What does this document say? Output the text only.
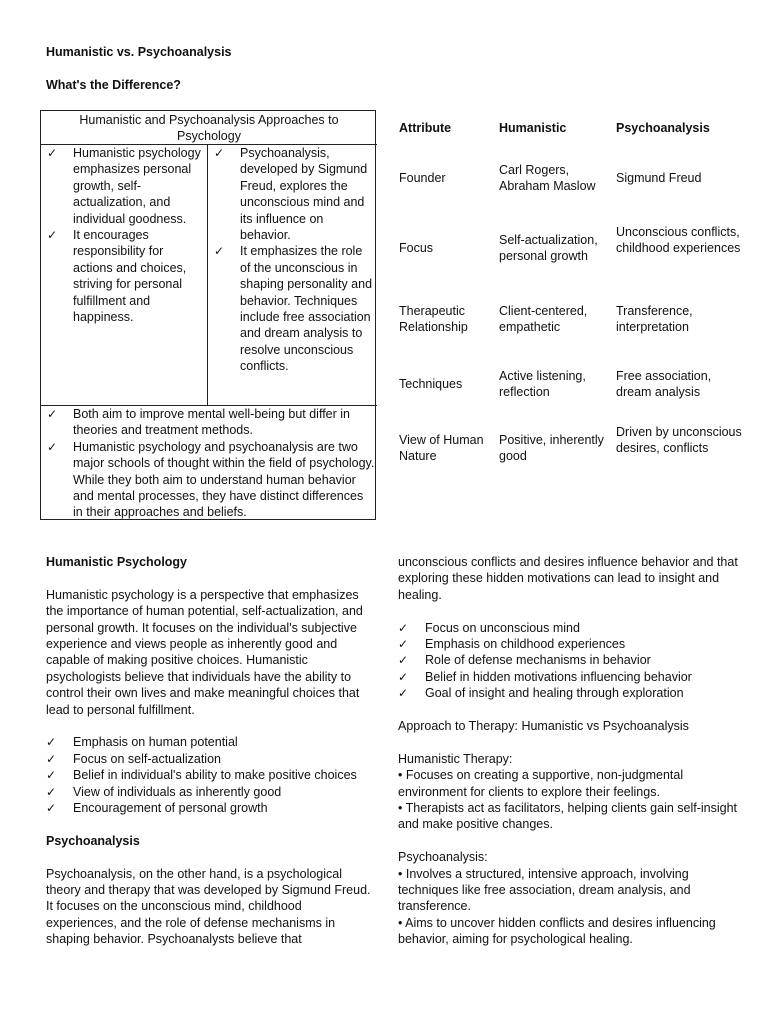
Humanistic vs. Psychoanalysis
What's the Difference?
Humanistic and Psychoanalysis Approaches to Psychology
✓ Humanistic psychology emphasizes personal growth, self-actualization, and individual goodness.

✓ It encourages responsibility for actions and choices, striving for personal fulfillment and happiness.

✓ Psychoanalysis, developed by Sigmund Freud, explores the unconscious mind and its influence on behavior.

✓ It emphasizes the role of the unconscious in shaping personality and behavior. Techniques include free association and dream analysis to resolve unconscious conflicts.

✓ Both aim to improve mental well-being but differ in theories and treatment methods.

✓ Humanistic psychology and psychoanalysis are two major schools of thought within the field of psychology. While they both aim to understand human behavior and mental processes, they have distinct differences in their approaches and beliefs.

Attribute	Humanistic	Psychoanalysis
Founder
Carl Rogers, Abraham Maslow
Sigmund Freud
Focus
Self-actualization, personal growth
Unconscious conflicts, childhood experiences
Therapeutic Relationship
Client-centered, empathetic
Transference, interpretation
Techniques
Active listening, reflection
Free association, dream analysis
View of Human Nature
Positive, inherently good
Driven by unconscious desires, conflicts

Humanistic Psychology

Humanistic psychology is a perspective that emphasizes the importance of human potential, self-actualization, and personal growth. It focuses on the individual's subjective experience and views people as inherently good and capable of making positive choices. Humanistic psychologists believe that individuals have the ability to control their own lives and make meaningful choices that lead to personal fulfillment.

✓ Emphasis on human potential
✓ Focus on self-actualization
✓ Belief in individual's ability to make positive choices
✓ View of individuals as inherently good
✓ Encouragement of personal growth

Psychoanalysis

Psychoanalysis, on the other hand, is a psychological theory and therapy that was developed by Sigmund Freud. It focuses on the unconscious mind, childhood experiences, and the role of defense mechanisms in shaping behavior. Psychoanalysts believe that

unconscious conflicts and desires influence behavior and that exploring these hidden motivations can lead to insight and healing.

✓ Focus on unconscious mind
✓ Emphasis on childhood experiences
✓ Role of defense mechanisms in behavior
✓ Belief in hidden motivations influencing behavior
✓ Goal of insight and healing through exploration

Approach to Therapy: Humanistic vs Psychoanalysis

Humanistic Therapy:

• Focuses on creating a supportive, non-judgmental environment for clients to explore their feelings.

• Therapists act as facilitators, helping clients gain self-insight and make positive changes.

Psychoanalysis:

• Involves a structured, intensive approach, involving techniques like free association, dream analysis, and transference.

• Aims to uncover hidden conflicts and desires influencing behavior, aiming for psychological healing.
